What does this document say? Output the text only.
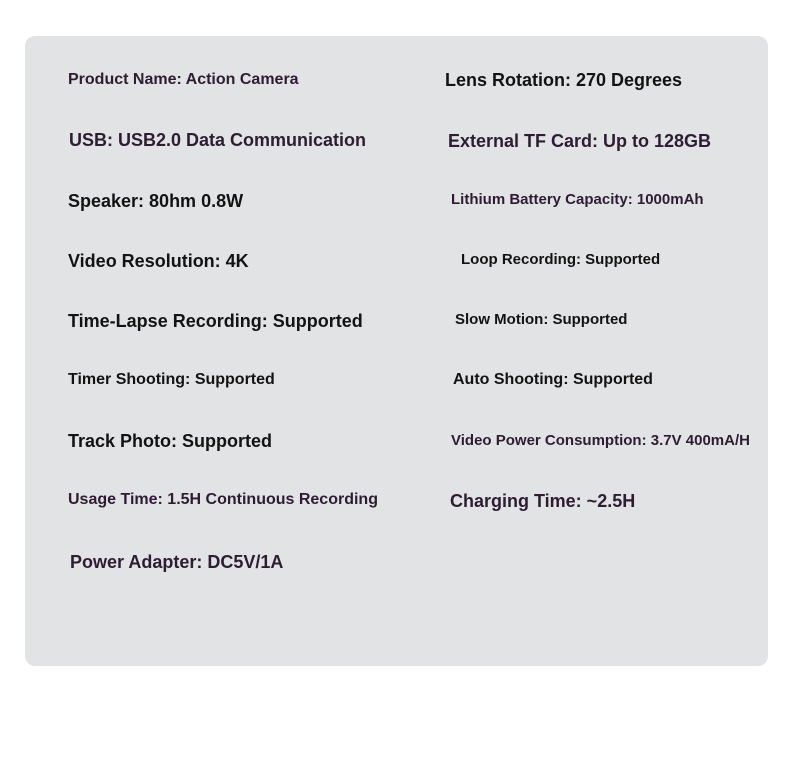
Product Name: Action Camera

USB: USB2.0 Data Communication

Speaker: 80hm 0.8W

Video Resolution: 4K

Time-Lapse Recording: Supported

Timer Shooting: Supported

Track Photo: Supported

Usage Time: 1.5H Continuous Recording

Power Adapter: DC5V/1A

Lens Rotation: 270 Degrees

External TF Card: Up to 128GB

Lithium Battery Capacity: 1000mAh

Loop Recording: Supported

Slow Motion: Supported

Auto Shooting: Supported

Video Power Consumption: 3.7V 400mA/H

Charging Time: ~2.5H
